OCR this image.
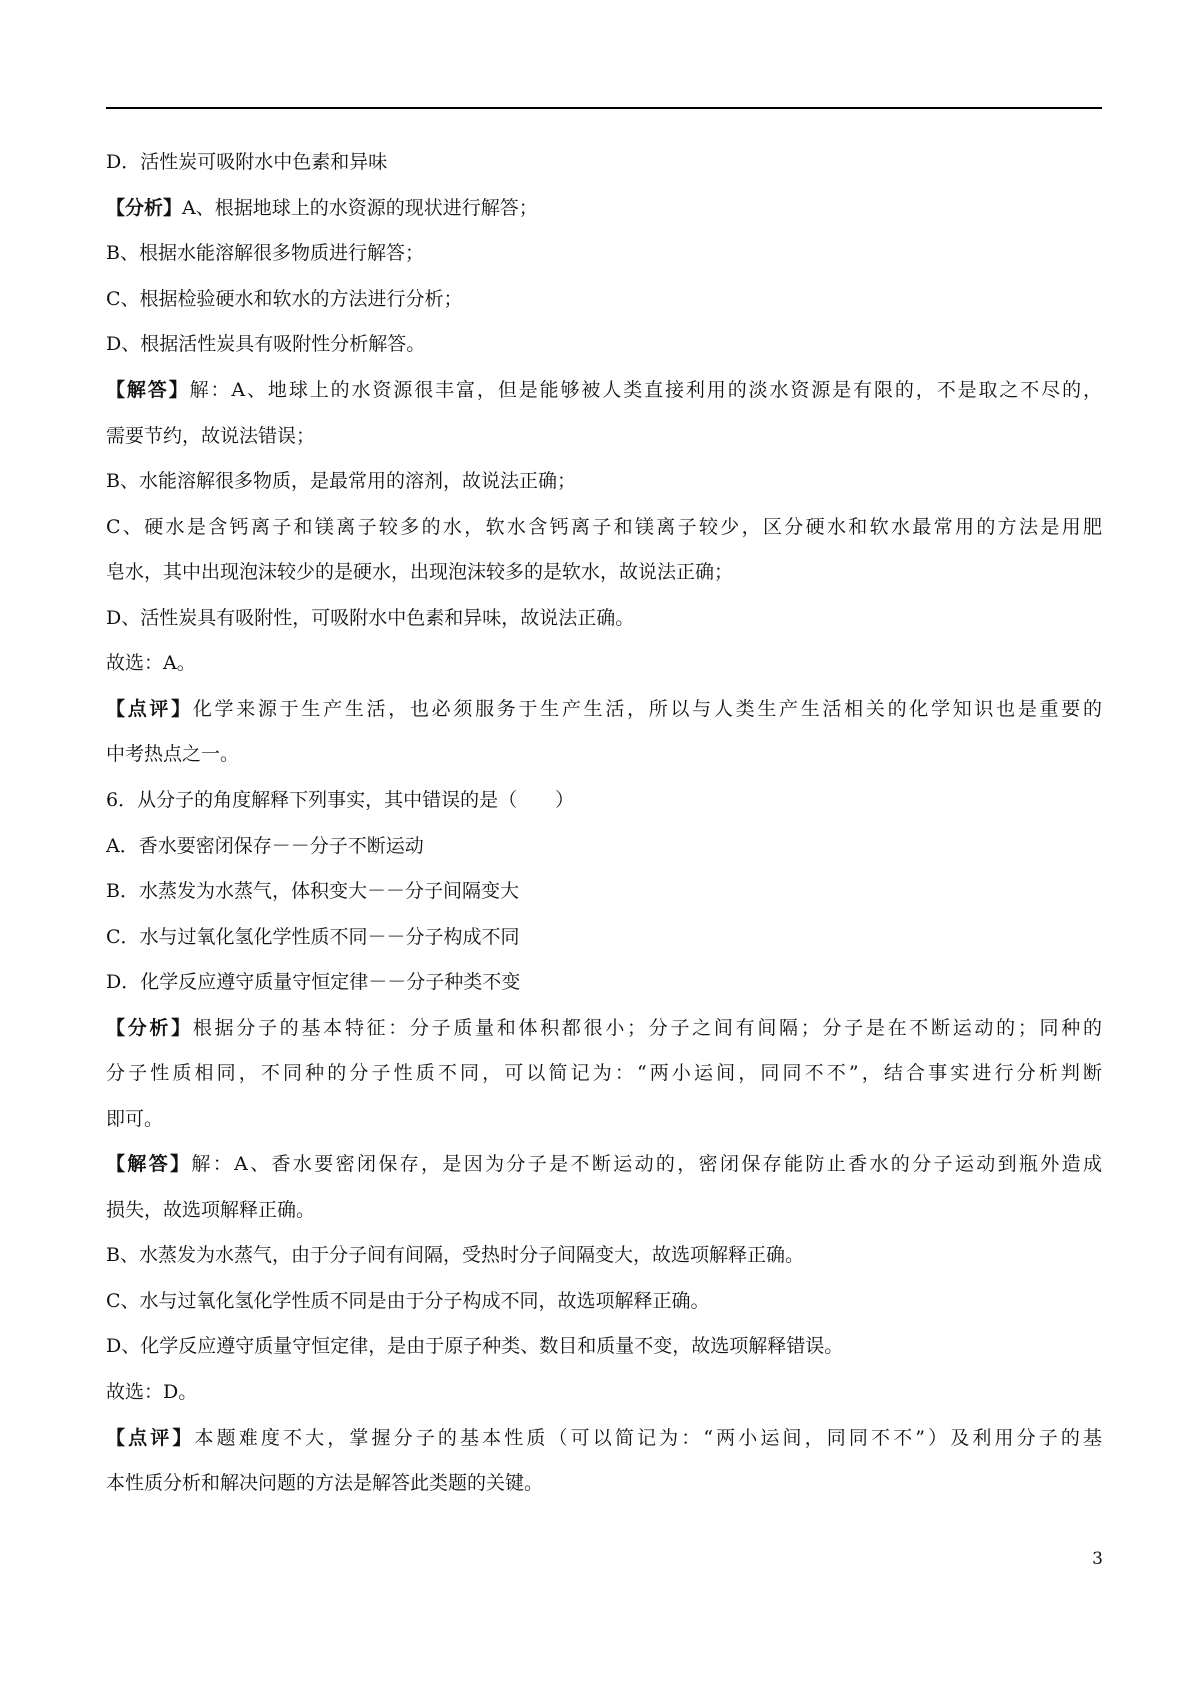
D．活性炭可吸附水中色素和异味
【分析】A、根据地球上的水资源的现状进行解答；
B、根据水能溶解很多物质进行解答；
C、根据检验硬水和软水的方法进行分析；
D、根据活性炭具有吸附性分析解答。
【解答】解：A、地球上的水资源很丰富，但是能够被人类直接利用的淡水资源是有限的，不是取之不尽的，
需要节约，故说法错误；
B、水能溶解很多物质，是最常用的溶剂，故说法正确；
C、硬水是含钙离子和镁离子较多的水，软水含钙离子和镁离子较少，区分硬水和软水最常用的方法是用肥
皂水，其中出现泡沫较少的是硬水，出现泡沫较多的是软水，故说法正确；
D、活性炭具有吸附性，可吸附水中色素和异味，故说法正确。
故选：A。
【点评】化学来源于生产生活，也必须服务于生产生活，所以与人类生产生活相关的化学知识也是重要的
中考热点之一。
6．从分子的角度解释下列事实，其中错误的是（　　）
A．香水要密闭保存－－分子不断运动
B．水蒸发为水蒸气，体积变大－－分子间隔变大
C．水与过氧化氢化学性质不同－－分子构成不同
D．化学反应遵守质量守恒定律－－分子种类不变
【分析】根据分子的基本特征：分子质量和体积都很小；分子之间有间隔；分子是在不断运动的；同种的
分子性质相同，不同种的分子性质不同，可以简记为：“两小运间，同同不不”，结合事实进行分析判断
即可。
【解答】解：A、香水要密闭保存，是因为分子是不断运动的，密闭保存能防止香水的分子运动到瓶外造成
损失，故选项解释正确。
B、水蒸发为水蒸气，由于分子间有间隔，受热时分子间隔变大，故选项解释正确。
C、水与过氧化氢化学性质不同是由于分子构成不同，故选项解释正确。
D、化学反应遵守质量守恒定律，是由于原子种类、数目和质量不变，故选项解释错误。
故选：D。
【点评】本题难度不大，掌握分子的基本性质（可以简记为：“两小运间，同同不不”）及利用分子的基
本性质分析和解决问题的方法是解答此类题的关键。
3
